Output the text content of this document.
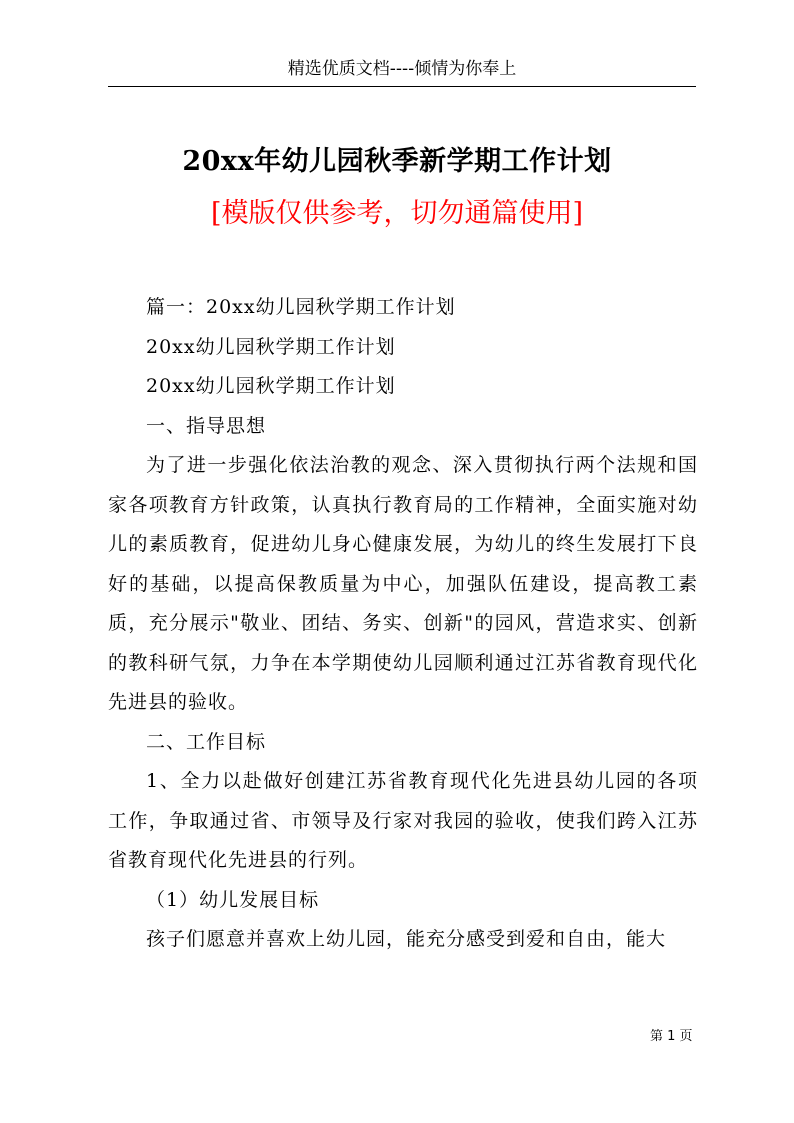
精选优质文档----倾情为你奉上
20xx年幼儿园秋季新学期工作计划
[模版仅供参考，切勿通篇使用]

篇一：20xx幼儿园秋学期工作计划

20xx幼儿园秋学期工作计划

20xx幼儿园秋学期工作计划

一、指导思想

为了进一步强化依法治教的观念、深入贯彻执行两个法规和国家各项教育方针政策，认真执行教育局的工作精神，全面实施对幼儿的素质教育，促进幼儿身心健康发展，为幼儿的终生发展打下良好的基础，以提高保教质量为中心，加强队伍建设，提高教工素质，充分展示"敬业、团结、务实、创新"的园风，营造求实、创新的教科研气氛，力争在本学期使幼儿园顺利通过江苏省教育现代化先进县的验收。

二、工作目标

1、全力以赴做好创建江苏省教育现代化先进县幼儿园的各项工作，争取通过省、市领导及行家对我园的验收，使我们跨入江苏省教育现代化先进县的行列。

（1）幼儿发展目标

孩子们愿意并喜欢上幼儿园，能充分感受到爱和自由，能大

第 1 页
